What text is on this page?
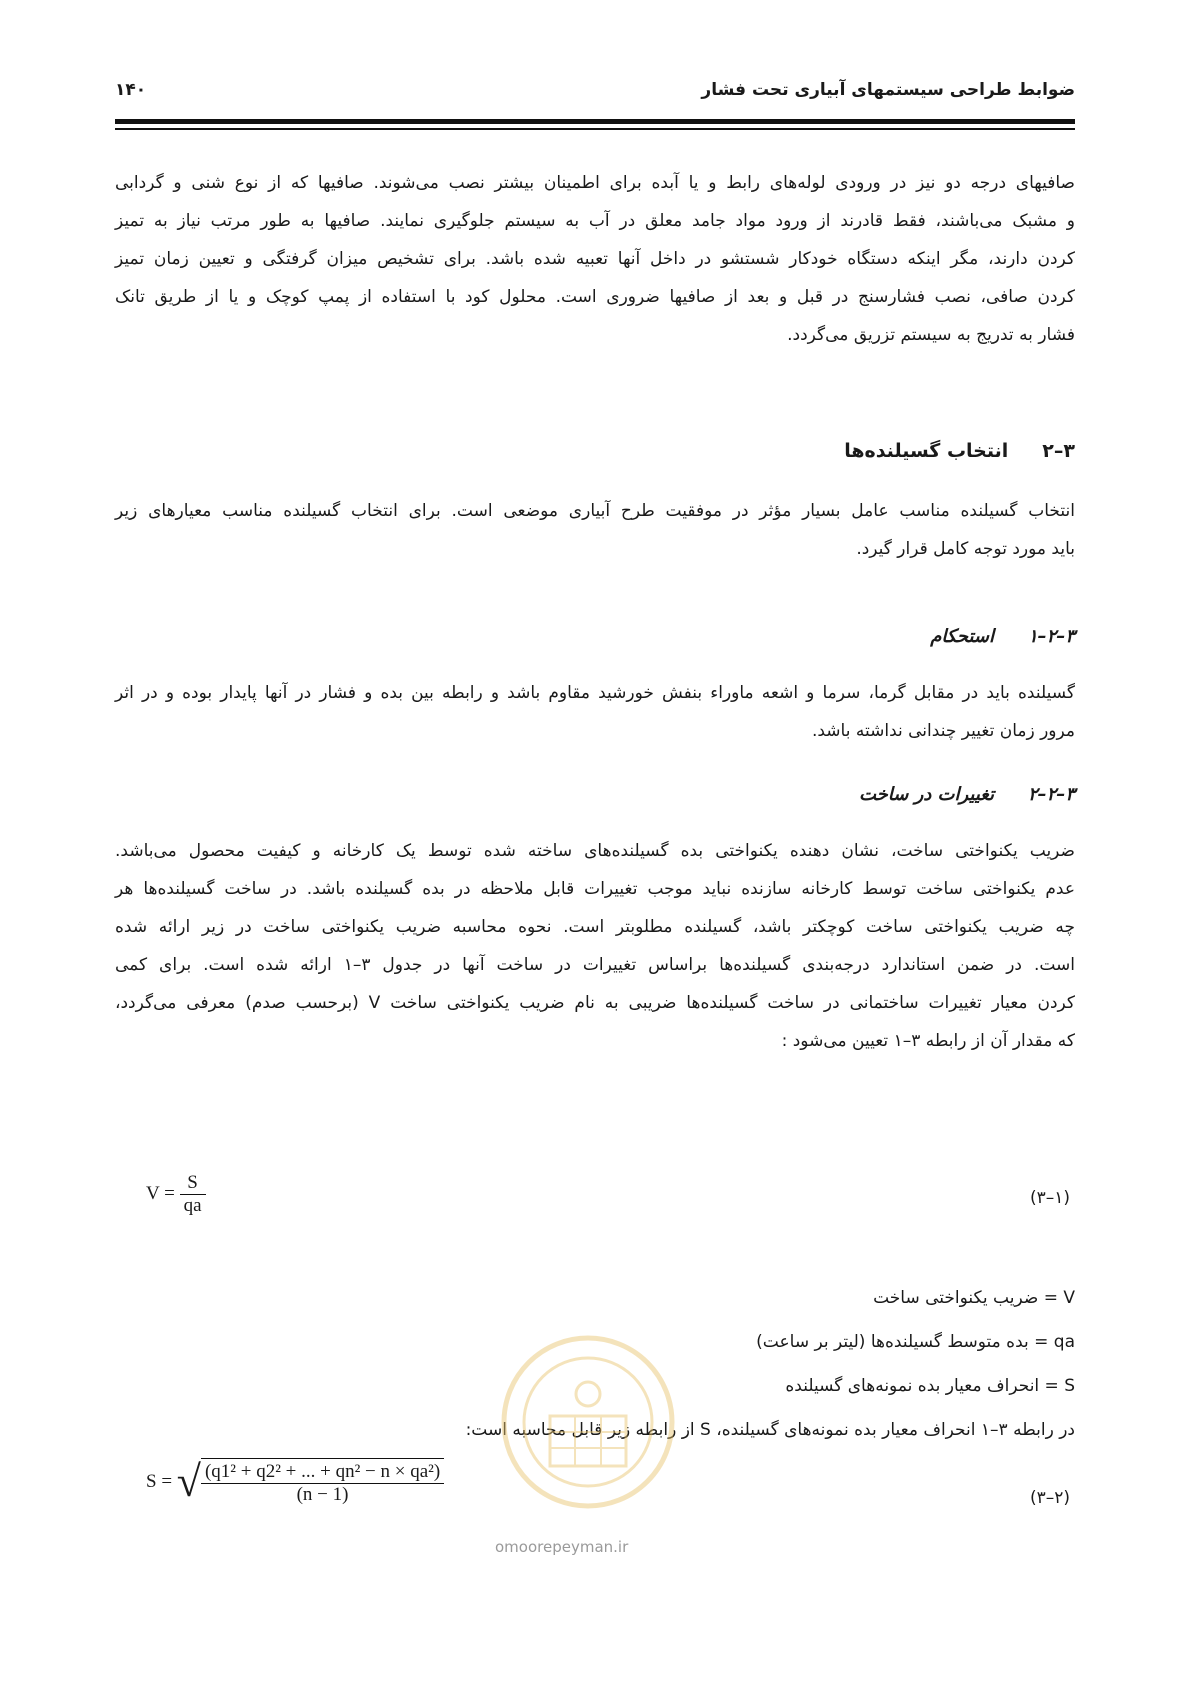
ضوابط طراحی سیستمهای آبیاری تحت فشار
۱۴۰
صافیهای درجه دو نیز در ورودی لوله‌های رابط و یا آبده برای اطمینان بیشتر نصب می‌شوند. صافیها که از نوع شنی و گردابی
و مشبک می‌باشند، فقط قادرند از ورود مواد جامد معلق در آب به سیستم جلوگیری نمایند. صافیها به طور مرتب نیاز به تمیز
کردن دارند، مگر اینکه دستگاه خودکار شستشو در داخل آنها تعبیه شده باشد. برای تشخیص میزان گرفتگی و تعیین زمان تمیز
کردن صافی، نصب فشارسنج در قبل و بعد از صافیها ضروری است. محلول کود با استفاده از پمپ کوچک و یا از طریق تانک
فشار به تدریج به سیستم تزریق می‌گردد.
۳–۲انتخاب گسیلنده‌ها
انتخاب گسیلنده مناسب عامل بسیار مؤثر در موفقیت طرح آبیاری موضعی است. برای انتخاب گسیلنده مناسب معیارهای زیر
باید مورد توجه کامل قرار گیرد.
۳–۲–۱استحکام
گسیلنده باید در مقابل گرما، سرما و اشعه ماوراء بنفش خورشید مقاوم باشد و رابطه بین بده و فشار در آنها پایدار بوده و در اثر
مرور زمان تغییر چندانی نداشته باشد.
۳–۲–۲تغییرات در ساخت
ضریب یکنواختی ساخت، نشان دهنده یکنواختی بده گسیلنده‌های ساخته شده توسط یک کارخانه و کیفیت محصول می‌باشد.
عدم یکنواختی ساخت توسط کارخانه سازنده نباید موجب تغییرات قابل ملاحظه در بده گسیلنده باشد. در ساخت گسیلنده‌ها هر
چه ضریب یکنواختی ساخت کوچکتر باشد، گسیلنده مطلوبتر است. نحوه محاسبه ضریب یکنواختی ساخت در زیر ارائه شده
است. در ضمن استاندارد درجه‌بندی گسیلنده‌ها براساس تغییرات در ساخت آنها در جدول ۳–۱ ارائه شده است. برای کمی
کردن معیار تغییرات ساختمانی در ساخت گسیلنده‌ها ضریبی به نام ضریب یکنواختی ساخت V (برحسب صدم) معرفی می‌گردد،
که مقدار آن از رابطه ۳–۱ تعیین می‌شود :
$V = \frac{S}{qa}$	(۳–۱)
V = ضریب یکنواختی ساخت
qa = بده متوسط گسیلنده‌ها (لیتر بر ساعت)
S = انحراف معیار بده نمونه‌های گسیلنده
در رابطه ۳–۱ انحراف معیار بده نمونه‌های گسیلنده، S از رابطه زیر قابل محاسبه است:
S = √ $\frac{\text{(q1² + q2² + ... + qn² − n × qa²)}}{(n - 1)}$	(۳–۲)
omoorepeyman.ir
